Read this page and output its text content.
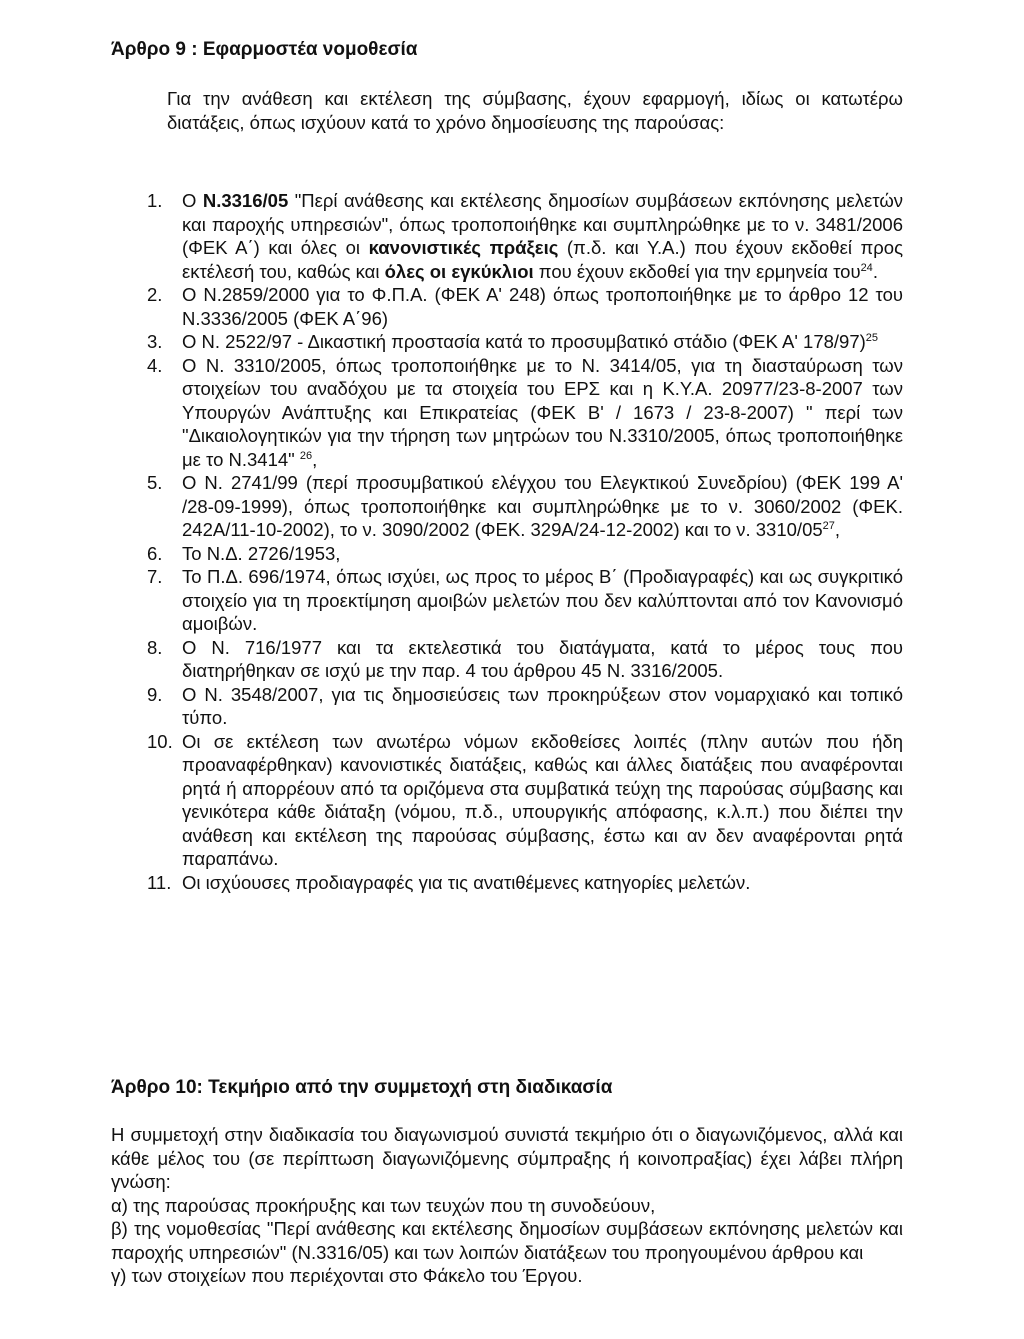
Άρθρο 9 : Εφαρμοστέα νομοθεσία

Για την ανάθεση και εκτέλεση της σύμβασης, έχουν εφαρμογή, ιδίως οι κατωτέρω διατάξεις, όπως ισχύουν κατά το χρόνο δημοσίευσης της παρούσας:

1.	Ο Ν.3316/05 "Περί ανάθεσης και εκτέλεσης δημοσίων συμβάσεων εκπόνησης μελετών και παροχής υπηρεσιών", όπως τροποποιήθηκε και συμπληρώθηκε με το ν. 3481/2006 (ΦΕΚ Α΄) και όλες οι κανονιστικές πράξεις (π.δ. και Υ.Α.) που έχουν εκδοθεί προς εκτέλεσή του, καθώς και όλες οι εγκύκλιοι που έχουν εκδοθεί για την ερμηνεία του$^{24}$.
2.	Ο Ν.2859/2000 για το Φ.Π.Α. (ΦΕΚ Α' 248) όπως τροποποιήθηκε με το άρθρο 12 του Ν.3336/2005 (ΦΕΚ Α΄96)
3.	Ο Ν. 2522/97 - Δικαστική προστασία κατά το προσυμβατικό στάδιο (ΦΕΚ Α' 178/97)$^{25}$
4.	Ο Ν. 3310/2005, όπως τροποποιήθηκε με το Ν. 3414/05, για τη διασταύρωση των στοιχείων του αναδόχου με τα στοιχεία του ΕΡΣ και η Κ.Υ.Α. 20977/23-8-2007 των Υπουργών Ανάπτυξης και Επικρατείας (ΦΕΚ Β' / 1673 / 23-8-2007) " περί των "Δικαιολογητικών για την τήρηση των μητρώων του Ν.3310/2005, όπως τροποποιήθηκε με το Ν.3414" $^{26}$,
5.	Ο Ν. 2741/99 (περί προσυμβατικού ελέγχου του Ελεγκτικού Συνεδρίου) (ΦΕΚ 199 Α' /28-09-1999), όπως τροποποιήθηκε και συμπληρώθηκε με το ν. 3060/2002 (ΦΕΚ. 242Α/11-10-2002), το ν. 3090/2002 (ΦΕΚ. 329Α/24-12-2002) και το ν. $3310/05^{27}$,
6.	Το Ν.Δ. 2726/1953,
7.	Το Π.Δ. 696/1974, όπως ισχύει, ως προς το μέρος Β΄ (Προδιαγραφές) και ως συγκριτικό στοιχείο για τη προεκτίμηση αμοιβών μελετών που δεν καλύπτονται από τον Κανονισμό αμοιβών.
8.	Ο Ν. 716/1977 και τα εκτελεστικά του διατάγματα, κατά το μέρος τους που διατηρήθηκαν σε ισχύ με την παρ. 4 του άρθρου 45 Ν. 3316/2005.
9.	Ο Ν. 3548/2007, για τις δημοσιεύσεις των προκηρύξεων στον νομαρχιακό και τοπικό τύπο.
10. Οι σε εκτέλεση των ανωτέρω νόμων εκδοθείσες λοιπές (πλην αυτών που ήδη προαναφέρθηκαν) κανονιστικές διατάξεις, καθώς και άλλες διατάξεις που αναφέρονται ρητά ή απορρέουν από τα οριζόμενα στα συμβατικά τεύχη της παρούσας σύμβασης και γενικότερα κάθε διάταξη (νόμου, π.δ., υπουργικής απόφασης, κ.λ.π.) που διέπει την ανάθεση και εκτέλεση της παρούσας σύμβασης, έστω και αν δεν αναφέρονται ρητά παραπάνω.
11. Οι ισχύουσες προδιαγραφές για τις ανατιθέμενες κατηγορίες μελετών.
Άρθρο 10: Τεκμήριο από την συμμετοχή στη διαδικασία

Η συμμετοχή στην διαδικασία του διαγωνισμού συνιστά τεκμήριο ότι ο διαγωνιζόμενος, αλλά και κάθε μέλος του (σε περίπτωση διαγωνιζόμενης σύμπραξης ή κοινοπραξίας) έχει λάβει πλήρη γνώση:

α) της παρούσας προκήρυξης και των τευχών που τη συνοδεύουν,

β) της νομοθεσίας "Περί ανάθεσης και εκτέλεσης δημοσίων συμβάσεων εκπόνησης μελετών και παροχής υπηρεσιών" (Ν.3316/05) και των λοιπών διατάξεων του προηγουμένου άρθρου και

γ) των στοιχείων που περιέχονται στο Φάκελο του Έργου.
